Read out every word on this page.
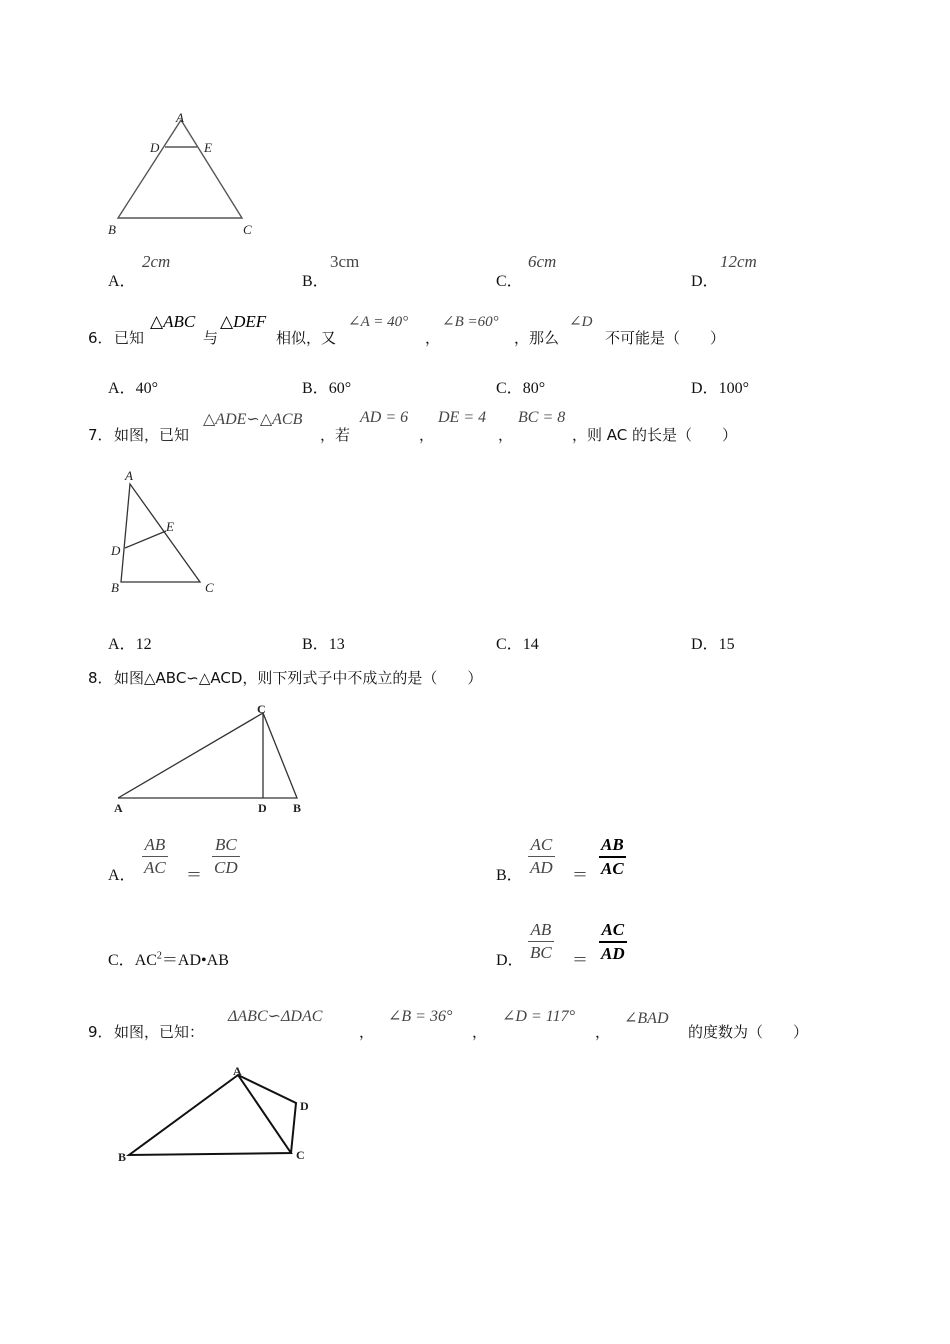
A
D	E
B	C
A．
2cm
B．
3cm
C．
6cm
D．
12cm
6． 已知
△ABC
与
△DEF
相似，又
∠A = 40°
，
∠B =60°
，那么
∠D
不可能是（　　）
A．40°	B．60°	C．80°	D．100°
7． 如图，已知
△ADE∽△ACB
，若
AD = 6
，
DE = 4
，
BC = 8
，则 AC 的长是（　　）
A
E
D
B	C
A．12	B．13	C．14	D．15
8． 如图△ABC∽△ACD，则下列式子中不成立的是（　　）
C
A	D B
A．
AB
AC ＝
BC
CD	B．
AC
AD ＝
AB
AC
C．$AC^2=AD•AB$	D．
AB
BC ＝
AC
AD
9． 如图，已知：
ΔABC∽ΔDAC
，
∠B = 36°
，
∠D = 117°
，
∠BAD
的度数为（　　）
A
D
B	C
